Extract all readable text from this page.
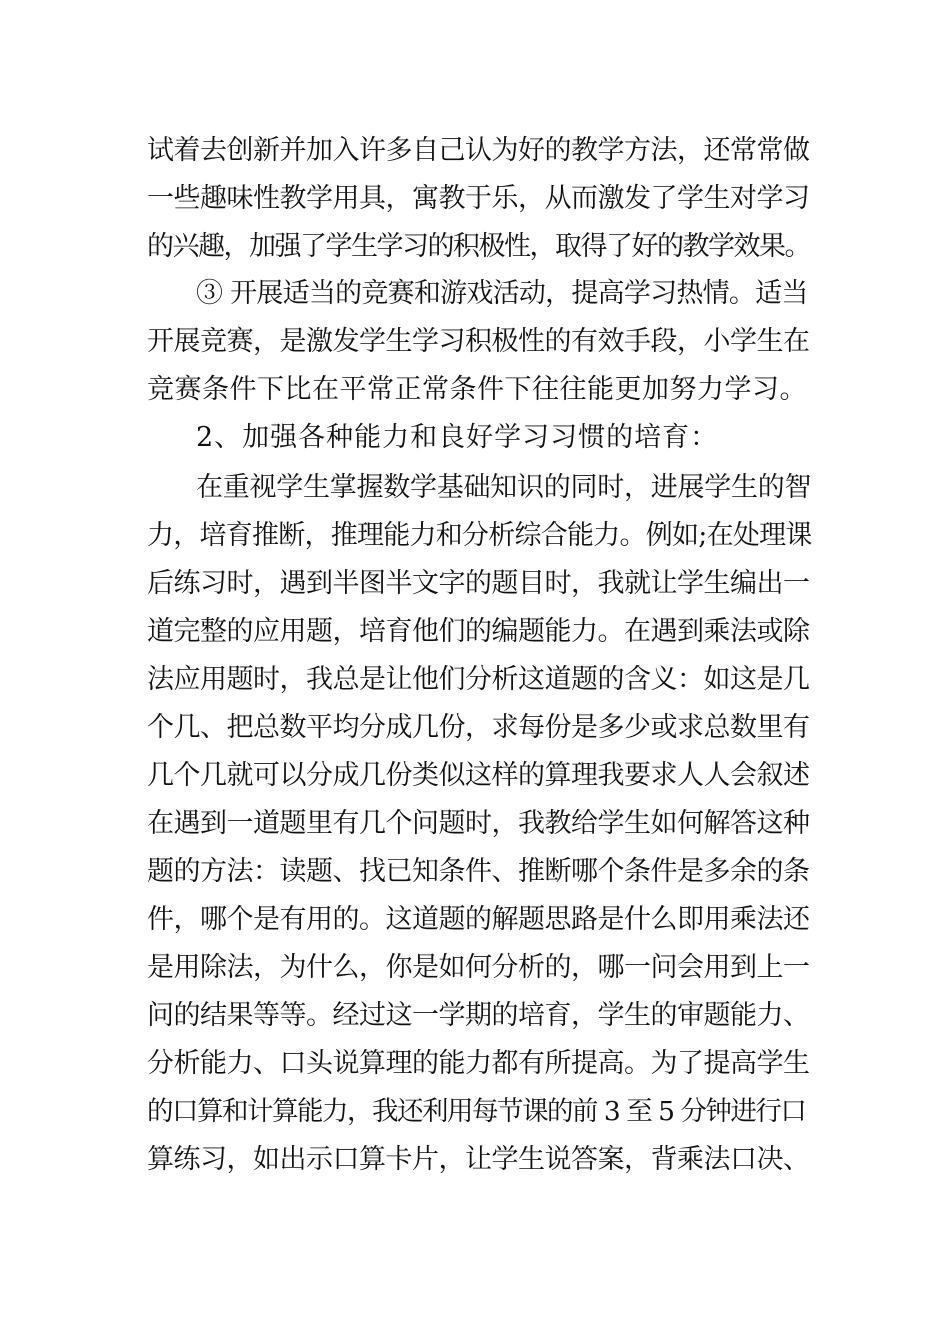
试着去创新并加入许多自己认为好的教学方法，还常常做
一些趣味性教学用具，寓教于乐，从而激发了学生对学习
的兴趣，加强了学生学习的积极性，取得了好的教学效果。
③ 开展适当的竞赛和游戏活动，提高学习热情。适当
开展竞赛，是激发学生学习积极性的有效手段，小学生在
竞赛条件下比在平常正常条件下往往能更加努力学习。
2、加强各种能力和良好学习习惯的培育：
在重视学生掌握数学基础知识的同时，进展学生的智
力，培育推断，推理能力和分析综合能力。例如;在处理课
后练习时，遇到半图半文字的题目时，我就让学生编出一
道完整的应用题，培育他们的编题能力。在遇到乘法或除
法应用题时，我总是让他们分析这道题的含义：如这是几
个几、把总数平均分成几份，求每份是多少或求总数里有
几个几就可以分成几份类似这样的算理我要求人人会叙述
在遇到一道题里有几个问题时，我教给学生如何解答这种
题的方法：读题、找已知条件、推断哪个条件是多余的条
件，哪个是有用的。这道题的解题思路是什么即用乘法还
是用除法，为什么，你是如何分析的，哪一问会用到上一
问的结果等等。经过这一学期的培育，学生的审题能力、
分析能力、口头说算理的能力都有所提高。为了提高学生
的口算和计算能力，我还利用每节课的前 3 至 5 分钟进行口
算练习，如出示口算卡片，让学生说答案，背乘法口决、
